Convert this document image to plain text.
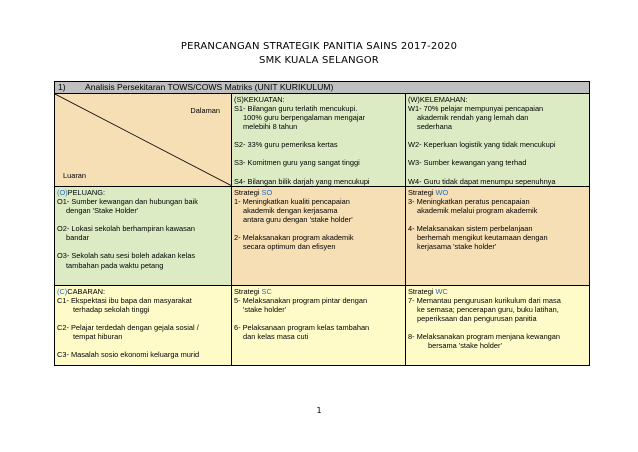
PERANCANGAN STRATEGIK PANITIA SAINS 2017-2020
SMK KUALA SELANGOR
1) Analisis Persekitaran TOWS/COWS Matriks (UNIT KURIKULUM)
Dalaman
Luaran
(S)KEKUATAN:
S1- Bilangan guru terlatih mencukupi.
100% guru berpengalaman mengajar
melebihi 8 tahun
S2- 33% guru pemeriksa kertas
S3- Komitmen guru yang sangat tinggi
S4- Bilangan bilik darjah yang mencukupi
(W)KELEMAHAN:
W1- 70% pelajar mempunyai pencapaian
akademik rendah yang lemah dan
sederhana
W2- Keperluan logistik yang tidak mencukupi
W3- Sumber kewangan yang terhad
W4- Guru tidak dapat menumpu sepenuhnya
(O)PELUANG:
O1- Sumber kewangan dan hubungan baik
dengan 'Stake Holder'
O2- Lokasi sekolah berhampiran kawasan
bandar
O3- Sekolah satu sesi boleh adakan kelas
tambahan pada waktu petang
Strategi SO
1- Meningkatkan kualiti pencapaian
akademik dengan kerjasama
antara guru dengan 'stake holder'
2- Melaksanakan program akademik
secara optimum dan efisyen
Strategi WO
3- Meningkatkan peratus pencapaian
akademik melalui program akademik
4- Melaksanakan sistem perbelanjaan
berhemah mengikut keutamaan dengan
kerjasama 'stake holder'
(C)CABARAN:
C1- Ekspektasi ibu bapa dan masyarakat
terhadap sekolah tinggi
C2- Pelajar terdedah dengan gejala sosial /
tempat hiburan
C3- Masalah sosio ekonomi keluarga murid
Strategi SC
5- Melaksanakan program pintar dengan
'stake holder'
6- Pelaksanaan program kelas tambahan
dan kelas masa cuti
Strategi WC
7- Memantau pengurusan kurikulum dari masa
ke semasa; pencerapan guru, buku latihan,
peperiksaan dan pengurusan panitia
8- Melaksanakan program menjana kewangan
bersama 'stake holder'
1
